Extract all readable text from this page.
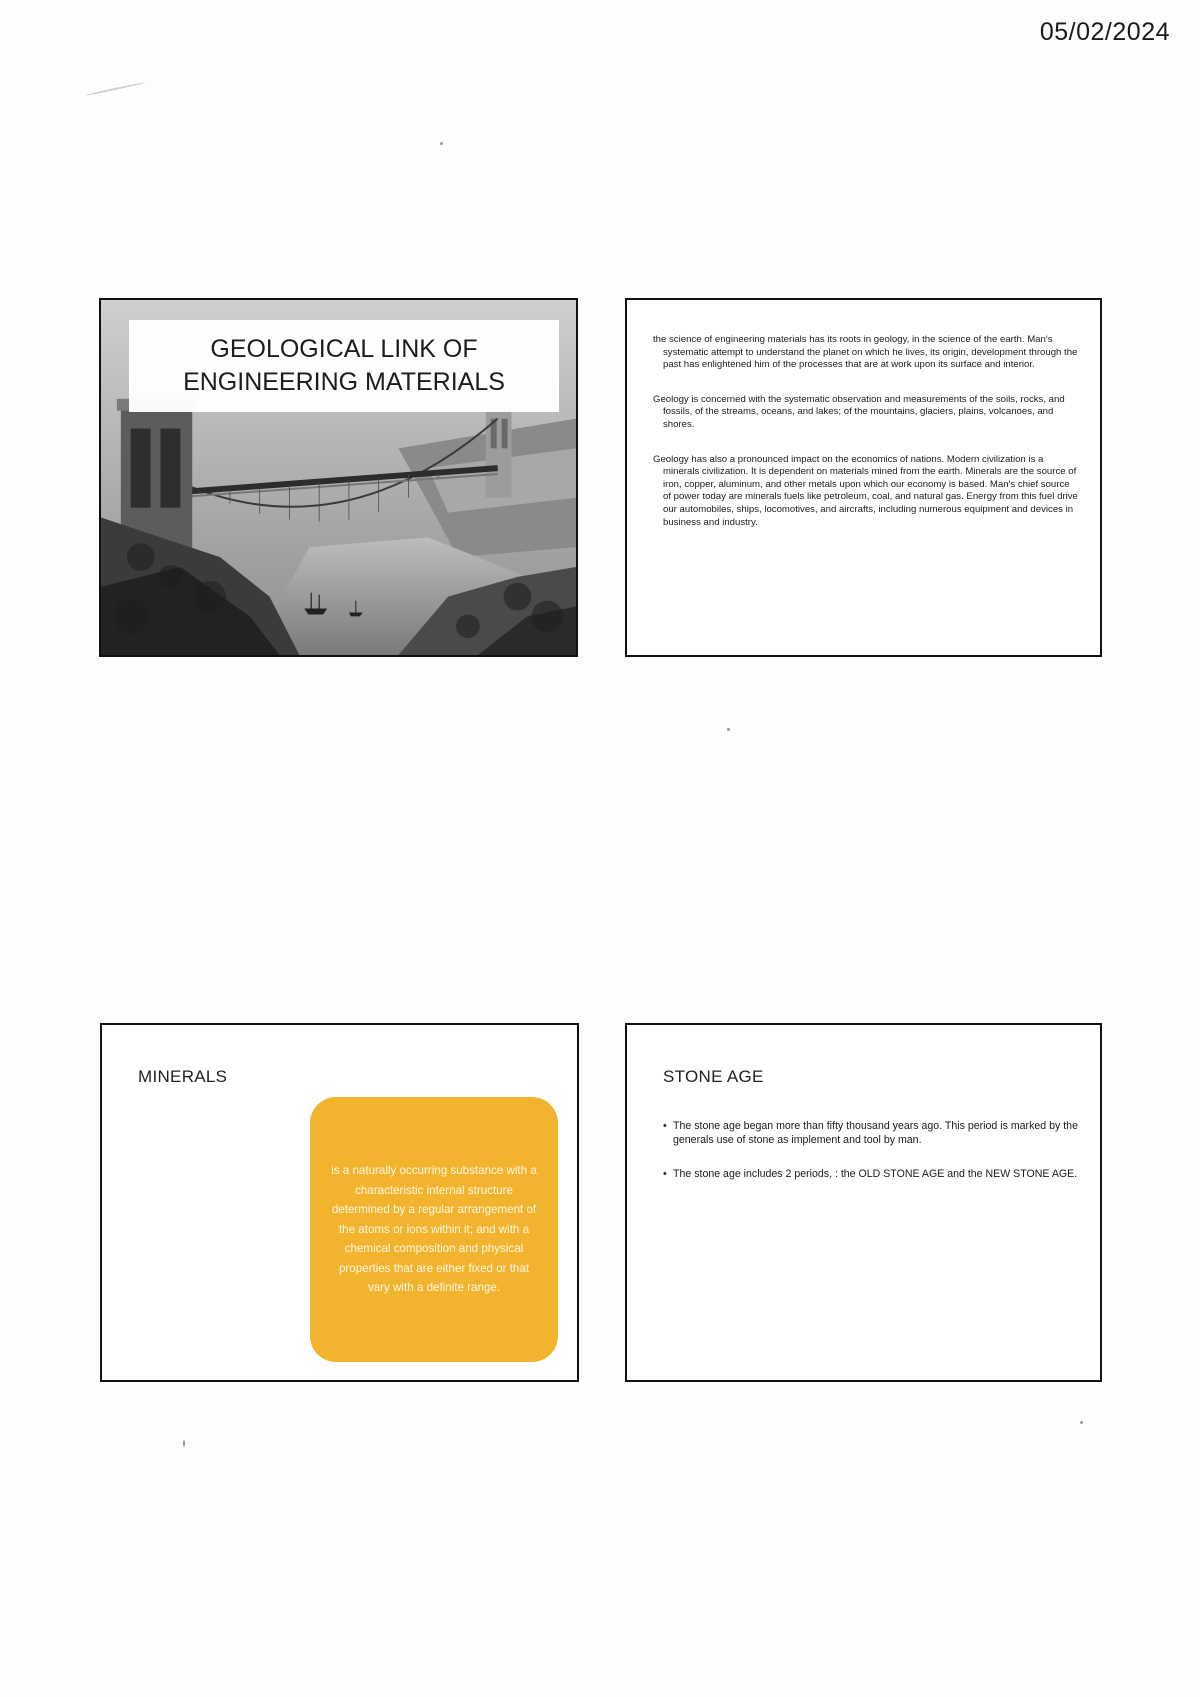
05/02/2024
GEOLOGICAL LINK OF
ENGINEERING MATERIALS

the science of engineering materials has its roots in geology, in the science of the earth. Man's systematic attempt to understand the planet on which he lives, its origin, development through the past has enlightened him of the processes that are at work upon its surface and interior.

Geology is concerned with the systematic observation and measurements of the soils, rocks, and fossils, of the streams, oceans, and lakes; of the mountains, glaciers, plains, volcanoes, and shores.

Geology has also a pronounced impact on the economics of nations. Modern civilization is a minerals civilization. It is dependent on materials mined from the earth. Minerals are the source of iron, copper, aluminum, and other metals upon which our economy is based. Man's chief source of power today are minerals fuels like petroleum, coal, and natural gas. Energy from this fuel drive our automobiles, ships, locomotives, and aircrafts, including numerous equipment and devices in business and industry.

MINERALS
is a naturally occurring substance with a characteristic internal structure determined by a regular arrangement of the atoms or ions within it; and with a chemical composition and physical properties that are either fixed or that vary with a definite range.
STONE AGE
• The stone age began more than fifty thousand years ago. This period is marked by the generals use of stone as implement and tool by man.
• The stone age includes 2 periods, : the OLD STONE AGE and the NEW STONE AGE.
